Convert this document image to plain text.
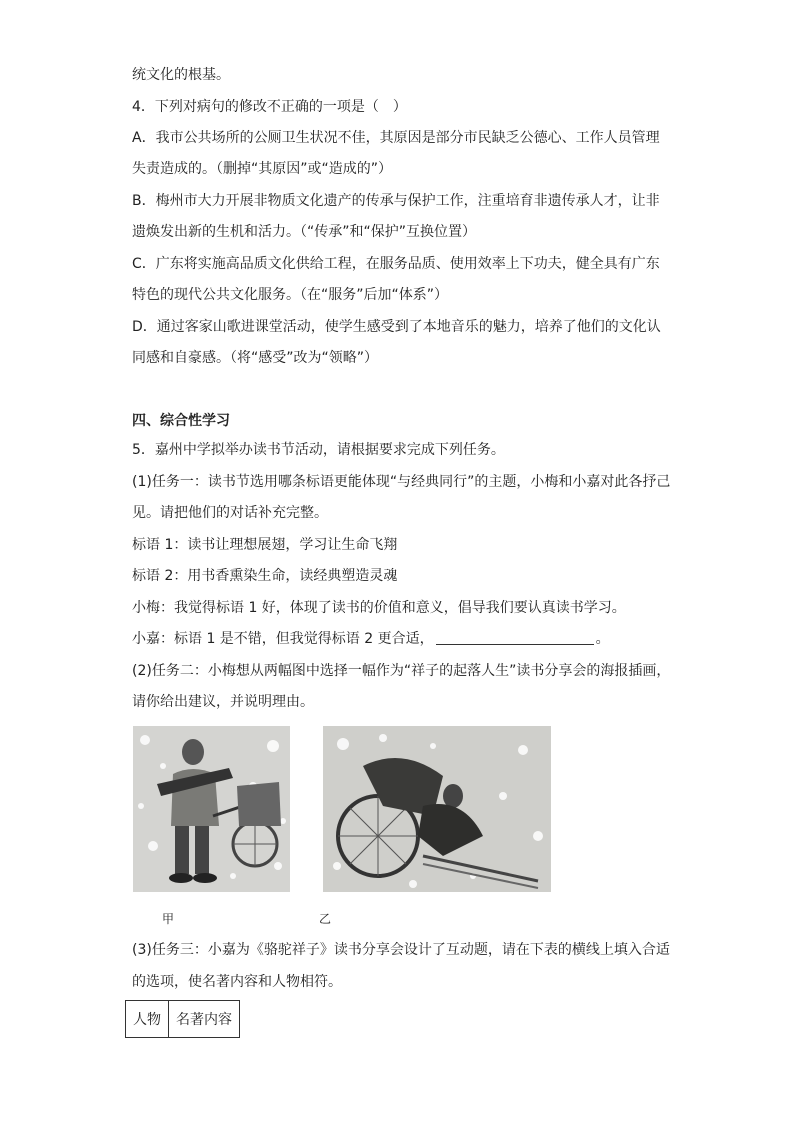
统文化的根基。
4．下列对病句的修改不正确的一项是（　）
A．我市公共场所的公厕卫生状况不佳，其原因是部分市民缺乏公德心、工作人员管理
失责造成的。（删掉“其原因”或“造成的”）
B．梅州市大力开展非物质文化遗产的传承与保护工作，注重培育非遗传承人才，让非
遗焕发出新的生机和活力。（“传承”和“保护”互换位置）
C．广东将实施高品质文化供给工程，在服务品质、使用效率上下功夫，健全具有广东
特色的现代公共文化服务。（在“服务”后加“体系”）
D．通过客家山歌进课堂活动，使学生感受到了本地音乐的魅力，培养了他们的文化认
同感和自豪感。（将“感受”改为“领略”）
四、综合性学习
5．嘉州中学拟举办读书节活动，请根据要求完成下列任务。
(1)任务一：读书节选用哪条标语更能体现“与经典同行”的主题，小梅和小嘉对此各抒己
见。请把他们的对话补充完整。
标语 1：读书让理想展翅，学习让生命飞翔
标语 2：用书香熏染生命，读经典塑造灵魂
小梅：我觉得标语 1 好，体现了读书的价值和意义，倡导我们要认真读书学习。
小嘉：标语 1 是不错，但我觉得标语 2 更合适，	。
(2)任务二：小梅想从两幅图中选择一幅作为“祥子的起落人生”读书分享会的海报插画，
请你给出建议，并说明理由。
甲	乙
(3)任务三：小嘉为《骆驼祥子》读书分享会设计了互动题，请在下表的横线上填入合适
的选项，使名著内容和人物相符。
人物	名著内容
